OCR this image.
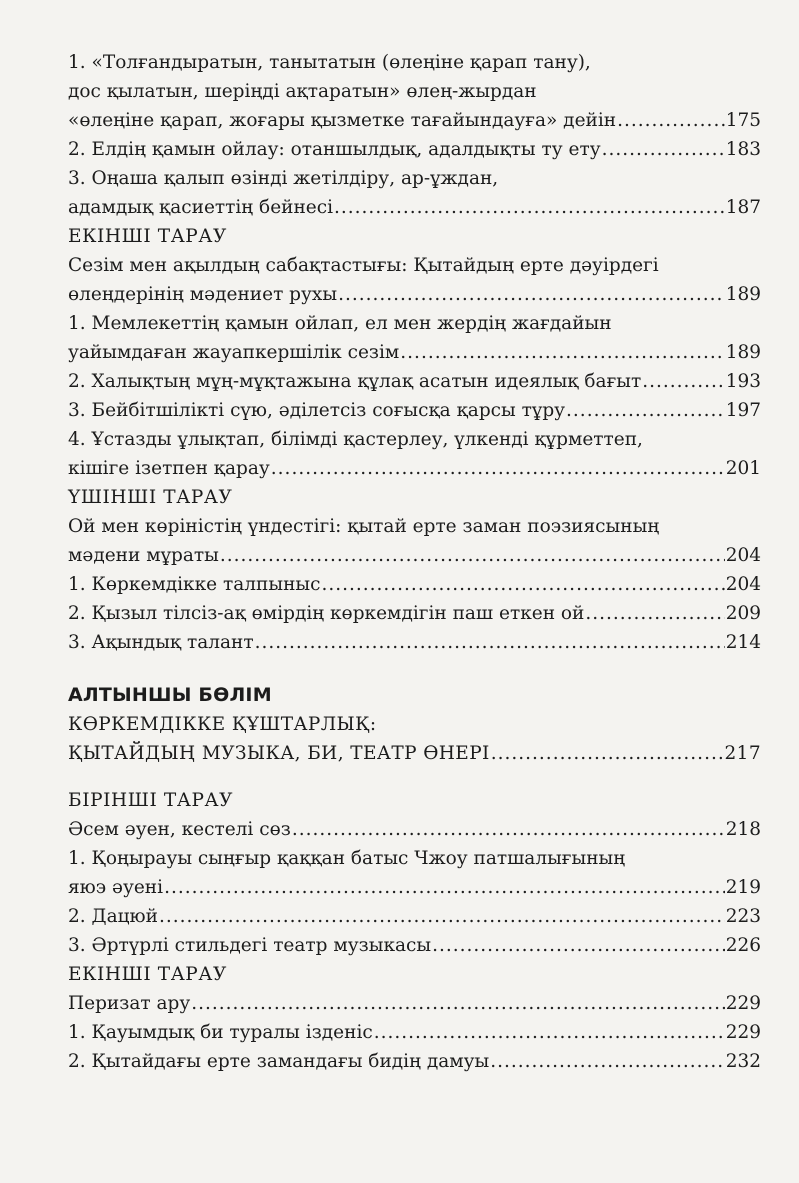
1. «Толғандыратын, танытатын (өлеңіне қарап тану),
дос қылатын, шеріңді ақтаратын» өлең-жырдан
«өлеңіне қарап, жоғары қызметке тағайындауға» дейін .....	175
2. Елдің қамын ойлау: отаншылдық, адалдықты ту ету .....	183
3. Оңаша қалып өзінді жетілдіру, ар-ұждан,
адамдық қасиеттің бейнесі .....	187
ЕКІНШІ ТАРАУ
Сезім мен ақылдың сабақтастығы: Қытайдың ерте дәуірдегі
өлеңдерінің мәдениет рухы .....	189
1. Мемлекеттің қамын ойлап, ел мен жердің жағдайын
уайымдаған жауапкершілік сезім .....	189
2. Халықтың мұң-мұқтажына құлақ асатын идеялық бағыт .....	193
3. Бейбітшілікті сүю, әділетсіз соғысқа қарсы тұру .....	197
4. Ұстазды ұлықтап, білімді қастерлеу, үлкенді құрметтеп,
кішіге ізетпен қарау .....	201
ҮШІНШІ ТАРАУ
Ой мен көріністің үндестігі: қытай ерте заман поэзиясының
мәдени мұраты .....	204
1. Көркемдікке талпыныс .....	204
2. Қызыл тілсіз-ақ өмірдің көркемдігін паш еткен ой .....	209
3. Ақындық талант .....	214
АЛТЫНШЫ БӨЛІМ
КӨРКЕМДІККЕ ҚҰШТАРЛЫҚ:
ҚЫТАЙДЫҢ МУЗЫКА, БИ, ТЕАТР ӨНЕРІ .....	217
БІРІНШІ ТАРАУ
Әсем әуен, кестелі сөз .....	218
1. Қоңырауы сыңғыр қаққан батыс Чжоу патшалығының
яюэ әуені .....	219
2. Дацюй .....	223
3. Әртүрлі стильдегі театр музыкасы .....	226
ЕКІНШІ ТАРАУ
Перизат ару .....	229
1. Қауымдық би туралы ізденіс .....	229
2. Қытайдағы ерте замандағы бидің дамуы .....	232
